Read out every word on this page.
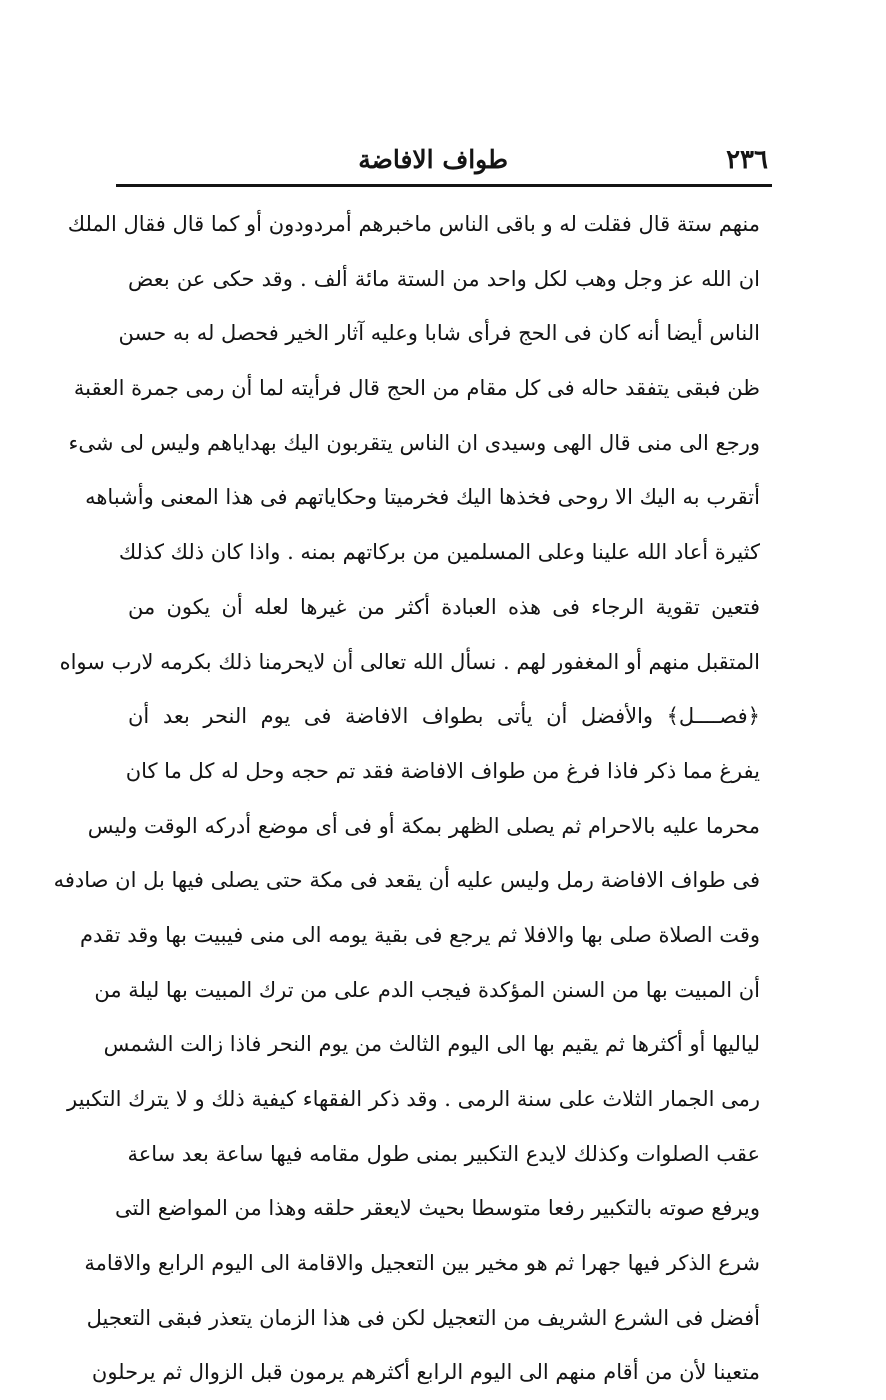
٢٣٦
طواف الافاضة
منهم ستة قال فقلت له و باقى الناس ماخبرهم أمردودون أو كما قال فقال الملك
ان الله عز وجل وهب لكل واحد من الستة مائة ألف . وقد حكى عن بعض
الناس أيضا أنه كان فى الحج فرأى شابا وعليه آثار الخير فحصل له به حسن
ظن فبقى يتفقد حاله فى كل مقام من الحج قال فرأيته لما أن رمى جمرة العقبة
ورجع الى منى قال الهى وسيدى ان الناس يتقربون اليك بهداياهم وليس لى شىء
أتقرب به اليك الا روحى فخذها اليك فخرميتا وحكاياتهم فى هذا المعنى وأشباهه
كثيرة أعاد الله علينا وعلى المسلمين من بركاتهم بمنه . واذا كان ذلك كذلك
فتعين تقوية الرجاء فى هذه العبادة أكثر من غيرها لعله أن يكون من
المتقبل منهم أو المغفور لهم . نسأل الله تعالى أن لايحرمنا ذلك بكرمه لارب سواه
﴿فصــــل﴾ والأفضل أن يأتى بطواف الافاضة فى يوم النحر بعد أن
يفرغ مما ذكر فاذا فرغ من طواف الافاضة فقد تم حجه وحل له كل ما كان
محرما عليه بالاحرام ثم يصلى الظهر بمكة أو فى أى موضع أدركه الوقت وليس
فى طواف الافاضة رمل وليس عليه أن يقعد فى مكة حتى يصلى فيها بل ان صادفه
وقت الصلاة صلى بها والافلا ثم يرجع فى بقية يومه الى منى فيبيت بها وقد تقدم
أن المبيت بها من السنن المؤكدة فيجب الدم على من ترك المبيت بها ليلة من
لياليها أو أكثرها ثم يقيم بها الى اليوم الثالث من يوم النحر فاذا زالت الشمس
رمى الجمار الثلاث على سنة الرمى . وقد ذكر الفقهاء كيفية ذلك و لا يترك التكبير
عقب الصلوات وكذلك لايدع التكبير بمنى طول مقامه فيها ساعة بعد ساعة
ويرفع صوته بالتكبير رفعا متوسطا بحيث لايعقر حلقه وهذا من المواضع التى
شرع الذكر فيها جهرا ثم هو مخير بين التعجيل والاقامة الى اليوم الرابع والاقامة
أفضل فى الشرع الشريف من التعجيل لكن فى هذا الزمان يتعذر فبقى التعجيل
متعينا لأن من أقام منهم الى اليوم الرابع أكثرهم يرمون قبل الزوال ثم يرحلون
